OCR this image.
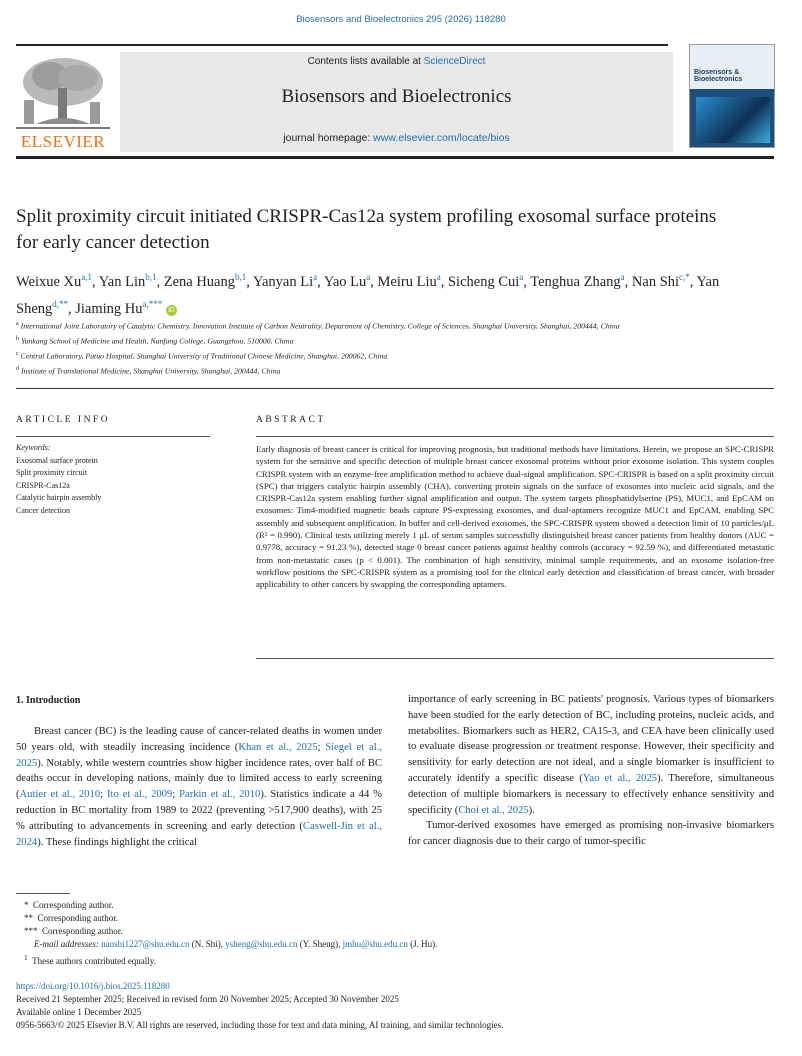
Biosensors and Bioelectronics 295 (2026) 118280
ELSEVIER
Contents lists available at ScienceDirect
Biosensors and Bioelectronics
journal homepage: www.elsevier.com/locate/bios
Biosensors &
Bioelectronics
Split proximity circuit initiated CRISPR-Cas12a system profiling exosomal surface proteins for early cancer detection
Weixue Xu$^{a,1}$, Yan Lin$^{b,1}$, Zena Huang$^{b,1}$, Yanyan Li$^a$, Yao Lu$^a$, Meiru Liu$^a$, Sicheng Cui$^a$, Tenghua Zhang$^a$, Nan Shi$^{c,*}$, Yan Sheng$^{d,**}$, Jiaming $Hu^{a,***}$ iD
$^a$ International Joint Laboratory of Catalytic Chemistry, Innovation Institute of Carbon Neutrality, Department of Chemistry, College of Sciences, Shanghai University, Shanghai, 200444, China
$^b$ Yunkang School of Medicine and Health, Nanfang College, Guangzhou, 510000, China
$^c$ Central Laboratory, Putuo Hospital, Shanghai University of Traditional Chinese Medicine, Shanghai, 200062, China
$^d$ Institute of Translational Medicine, Shanghai University, Shanghai, 200444, China
ARTICLE INFO	ABSTRACT
Keywords:
Exosomal surface protein
Split proximity circuit
CRISPR-Cas12a
Catalytic hairpin assembly
Cancer detection
Early diagnosis of breast cancer is critical for improving prognosis, but traditional methods have limitations. Herein, we propose an SPC-CRISPR system for the sensitive and specific detection of multiple breast cancer exosomal proteins without prior exosome isolation. This system couples CRISPR system with an enzyme-free amplification method to achieve dual-signal amplification. SPC-CRISPR is based on a split proximity circuit (SPC) that triggers catalytic hairpin assembly (CHA), converting protein signals on the surface of exosomes into nucleic acid signals, and the CRISPR-Cas12a system enabling further signal amplification and output. The system targets phosphatidylserine (PS), MUC1, and EpCAM on exosomes: Tim4-modified magnetic beads capture PS-expressing exosomes, and dual-aptamers recognize MUC1 and EpCAM, enabling SPC assembly and subsequent amplification. In buffer and cell-derived exosomes, the SPC-CRISPR system showed a detection limit of 10 particles/μL (R² = 0.990). Clinical tests utilizing merely 1 μL of serum samples successfully distinguished breast cancer patients from healthy donors (AUC = 0.9778, accuracy = 91.23 %), detected stage 0 breast cancer patients against healthy controls (accuracy = 92.59 %), and differentiated metastatic from non-metastatic cases (p < 0.001). The combination of high sensitivity, minimal sample requirements, and an exosome isolation-free workflow positions the SPC-CRISPR system as a promising tool for the clinical early detection and classification of breast cancer, with broader applicability to other cancers by swapping the corresponding aptamers.
1. Introduction
Breast cancer (BC) is the leading cause of cancer-related deaths in women under 50 years old, with steadily increasing incidence (Khan et al., 2025; Siegel et al., 2025). Notably, while western countries show higher incidence rates, over half of BC deaths occur in developing nations, mainly due to limited access to early screening (Autier et al., 2010; Ito et al., 2009; Parkin et al., 2010). Statistics indicate a 44 % reduction in BC mortality from 1989 to 2022 (preventing >517,900 deaths), with 25 % attributing to advancements in screening and early detection (Caswell-Jin et al., 2024). These findings highlight the critical
importance of early screening in BC patients' prognosis. Various types of biomarkers have been studied for the early detection of BC, including proteins, nucleic acids, and metabolites. Biomarkers such as HER2, CA15-3, and CEA have been clinically used to evaluate disease progression or treatment response. However, their specificity and sensitivity for early detection are not ideal, and a single biomarker is insufficient to accurately identify a specific disease (Yao et al., 2025). Therefore, simultaneous detection of multiple biomarkers is necessary to effectively enhance sensitivity and specificity (Choi et al., 2025).
Tumor-derived exosomes have emerged as promising non-invasive biomarkers for cancer diagnosis due to their cargo of tumor-specific
* Corresponding author.
** Corresponding author.
*** Corresponding author.
E-mail addresses: nanshi1227@shu.edu.cn (N. Shi), ysheng@shu.edu.cn (Y. Sheng), jmhu@shu.edu.cn (J. Hu).
$^1$ These authors contributed equally.
https://doi.org/10.1016/j.bios.2025.118280
Received 21 September 2025; Received in revised form 20 November 2025; Accepted 30 November 2025
Available online 1 December 2025
0956-5663/© 2025 Elsevier B.V. All rights are reserved, including those for text and data mining, AI training, and similar technologies.
